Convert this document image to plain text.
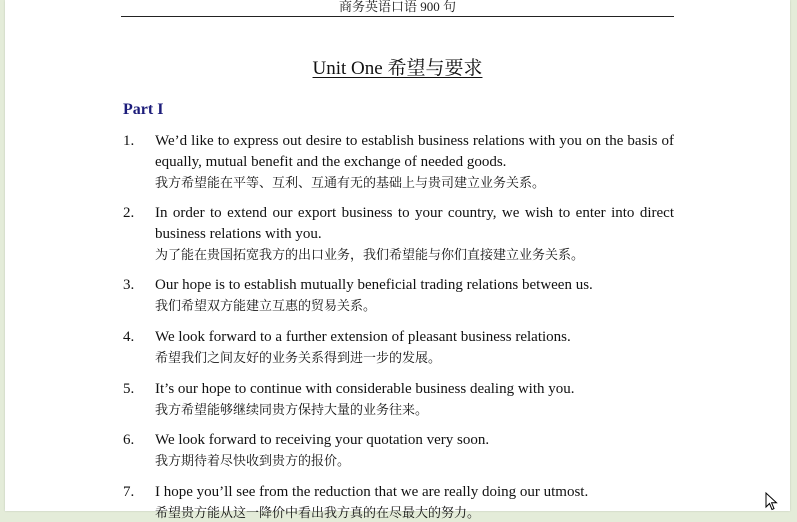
商务英语口语 900 句
Unit One 希望与要求
Part I
1. We’d like to express out desire to establish business relations with you on the basis of equally, mutual benefit and the exchange of needed goods.
我方希望能在平等、互利、互通有无的基础上与贵司建立业务关系。
2. In order to extend our export business to your country, we wish to enter into direct business relations with you.
为了能在贵国拓宽我方的出口业务，我们希望能与你们直接建立业务关系。
3. Our hope is to establish mutually beneficial trading relations between us.
我们希望双方能建立互惠的贸易关系。
4. We look forward to a further extension of pleasant business relations.
希望我们之间友好的业务关系得到进一步的发展。
5. It’s our hope to continue with considerable business dealing with you.
我方希望能够继续同贵方保持大量的业务往来。
6. We look forward to receiving your quotation very soon.
我方期待着尽快收到贵方的报价。
7. I hope you’ll see from the reduction that we are really doing our utmost.
希望贵方能从这一降价中看出我方真的在尽最大的努力。
